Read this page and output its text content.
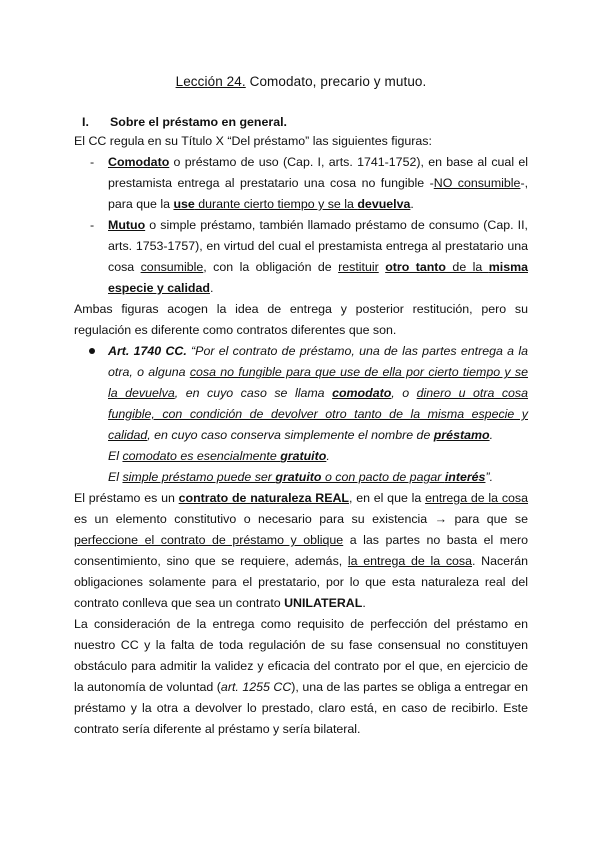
Lección 24. Comodato, precario y mutuo.
I.	Sobre el préstamo en general.

El CC regula en su Título X “Del préstamo” las siguientes figuras:

- Comodato o préstamo de uso (Cap. I, arts. 1741-1752), en base al cual el prestamista entrega al prestatario una cosa no fungible -NO consumible-, para que la use durante cierto tiempo y se la devuelva.
- Mutuo o simple préstamo, también llamado préstamo de consumo (Cap. II, arts. 1753-1757), en virtud del cual el prestamista entrega al prestatario una cosa consumible, con la obligación de restituir otro tanto de la misma especie y calidad.

Ambas figuras acogen la idea de entrega y posterior restitución, pero su regulación es diferente como contratos diferentes que son.

Art. 1740 CC. “Por el contrato de préstamo, una de las partes entrega a la otra, o alguna cosa no fungible para que use de ella por cierto tiempo y se la devuelva, en cuyo caso se llama comodato, o dinero u otra cosa fungible, con condición de devolver otro tanto de la misma especie y calidad, en cuyo caso conserva simplemente el nombre de préstamo.
El comodato es esencialmente gratuito.
El simple préstamo puede ser gratuito o con pacto de pagar interés”.

El préstamo es un contrato de naturaleza REAL, en el que la entrega de la cosa es un elemento constitutivo o necesario para su existencia → para que se perfeccione el contrato de préstamo y oblique a las partes no basta el mero consentimiento, sino que se requiere, además, la entrega de la cosa. Nacerán obligaciones solamente para el prestatario, por lo que esta naturaleza real del contrato conlleva que sea un contrato UNILATERAL.

La consideración de la entrega como requisito de perfección del préstamo en nuestro CC y la falta de toda regulación de su fase consensual no constituyen obstáculo para admitir la validez y eficacia del contrato por el que, en ejercicio de la autonomía de voluntad (art. 1255 CC), una de las partes se obliga a entregar en préstamo y la otra a devolver lo prestado, claro está, en caso de recibirlo. Este contrato sería diferente al préstamo y sería bilateral.
